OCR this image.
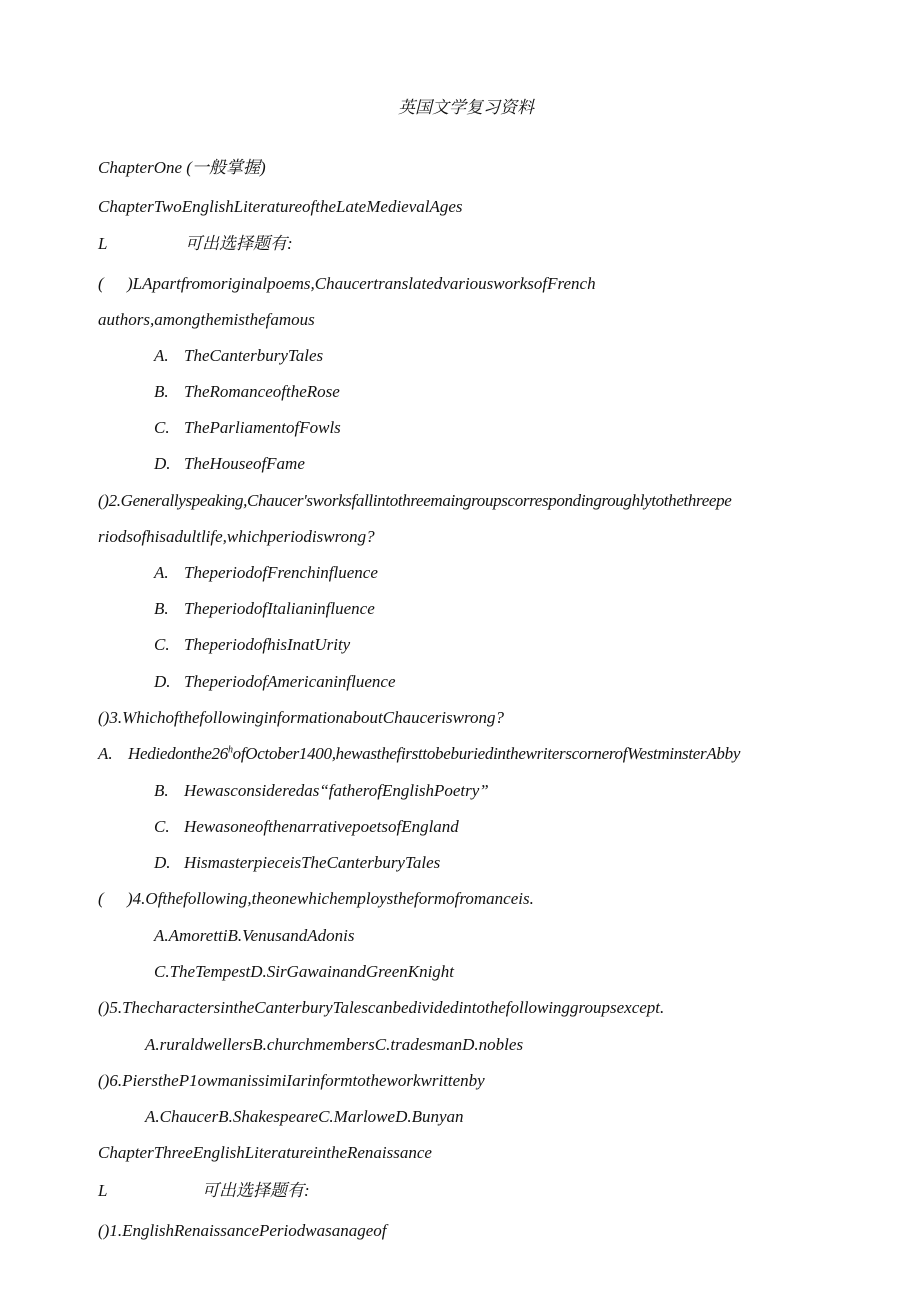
英国文学复习资料
ChapterOne (一般掌握)
ChapterTwoEnglishLiteratureoftheLateMedievalAges
L	可出选择题有:
( )LApartfromoriginalpoems,ChaucertranslatedvariousworksofFrench
authors,amongthemisthefamous
A. TheCanterburyTales
B. TheRomanceoftheRose
C. TheParliamentofFowls
D. TheHouseofFame
()2.Generallyspeaking,Chaucer'sworksfallintothreemaingroupscorrespondingroughlytothethreepe
riodsofhisadultlife,whichperiodiswrong?
A. TheperiodofFrenchinfluence
B. TheperiodofItalianinfluence
C. TheperiodofhisInatUrity
D. TheperiodofAmericaninfluence
()3.WhichofthefollowinginformationaboutChauceriswrong?
A. Hediedonthe26$^h$ofOctober1400,hewasthefirsttobeburiedinthewriterscornerofWestminsterAbby
B. Hewasconsideredas“fatherofEnglishPoetry”
C. HewasoneofthenarrativepoetsofEngland
D. HismasterpieceisTheCanterburyTales
( )4.Ofthefollowing,theonewhichemploystheformofromanceis.
A.AmorettiB.VenusandAdonis
C.TheTempestD.SirGawainandGreenKnight
()5.ThecharactersintheCanterburyTalescanbedividedintothefollowinggroupsexcept.
A.ruraldwellersB.churchmembersC.tradesmanD.nobles
()6.PierstheP1owmanissimiIarinformtotheworkwrittenby
A.ChaucerB.ShakespeareC.MarloweD.Bunyan
ChapterThreeEnglishLiteratureintheRenaissance
L	可出选择题有:
()1.EnglishRenaissancePeriodwasanageof
